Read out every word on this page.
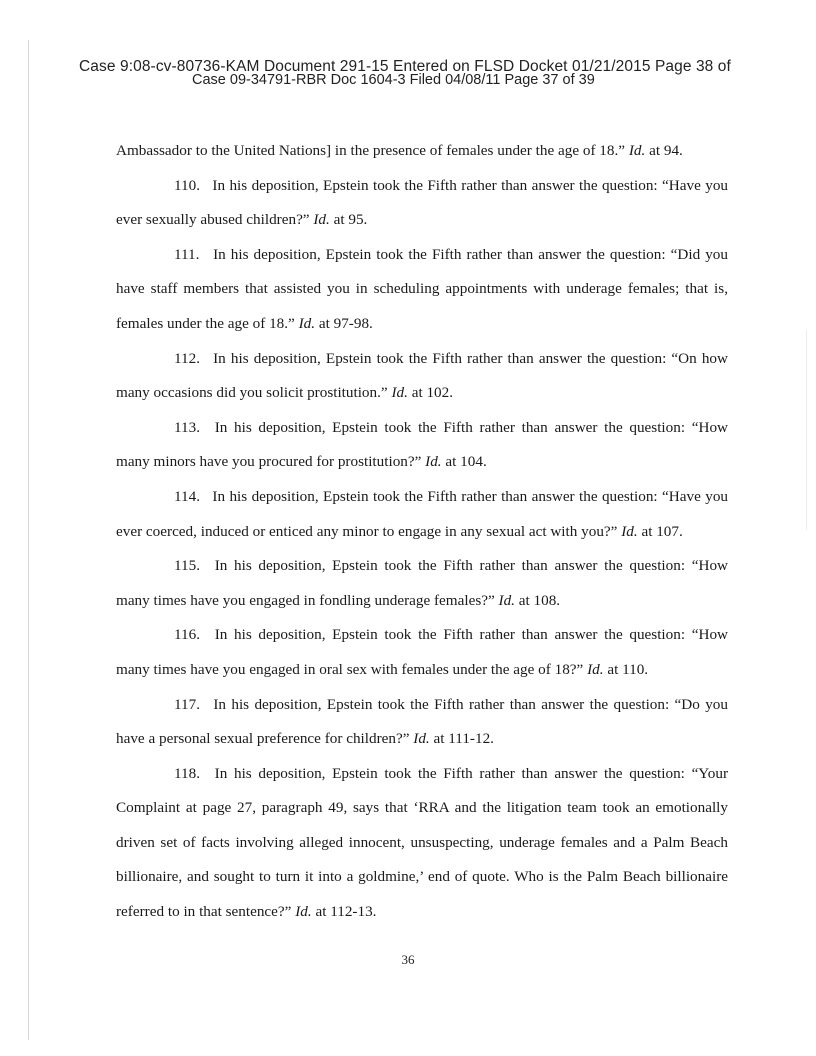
Case 9:08-cv-80736-KAM Document 291-15 Entered on FLSD Docket 01/21/2015 Page 38 of
Case 09-34791-RBR Doc 1604-3 Filed 04/08/11 Page 37 of 39

Ambassador to the United Nations] in the presence of females under the age of 18.” Id. at 94.

110. In his deposition, Epstein took the Fifth rather than answer the question: “Have you ever sexually abused children?” Id. at 95.

111. In his deposition, Epstein took the Fifth rather than answer the question: “Did you have staff members that assisted you in scheduling appointments with underage females; that is, females under the age of 18.” Id. at 97-98.

112. In his deposition, Epstein took the Fifth rather than answer the question: “On how many occasions did you solicit prostitution.” Id. at 102.

113. In his deposition, Epstein took the Fifth rather than answer the question: “How many minors have you procured for prostitution?” Id. at 104.

114. In his deposition, Epstein took the Fifth rather than answer the question: “Have you ever coerced, induced or enticed any minor to engage in any sexual act with you?” Id. at 107.

115. In his deposition, Epstein took the Fifth rather than answer the question: “How many times have you engaged in fondling underage females?” Id. at 108.

116. In his deposition, Epstein took the Fifth rather than answer the question: “How many times have you engaged in oral sex with females under the age of 18?” Id. at 110.

117. In his deposition, Epstein took the Fifth rather than answer the question: “Do you have a personal sexual preference for children?” Id. at 111-12.

118. In his deposition, Epstein took the Fifth rather than answer the question: “Your Complaint at page 27, paragraph 49, says that ‘RRA and the litigation team took an emotionally driven set of facts involving alleged innocent, unsuspecting, underage females and a Palm Beach billionaire, and sought to turn it into a goldmine,’ end of quote. Who is the Palm Beach billionaire referred to in that sentence?” Id. at 112-13.

36
